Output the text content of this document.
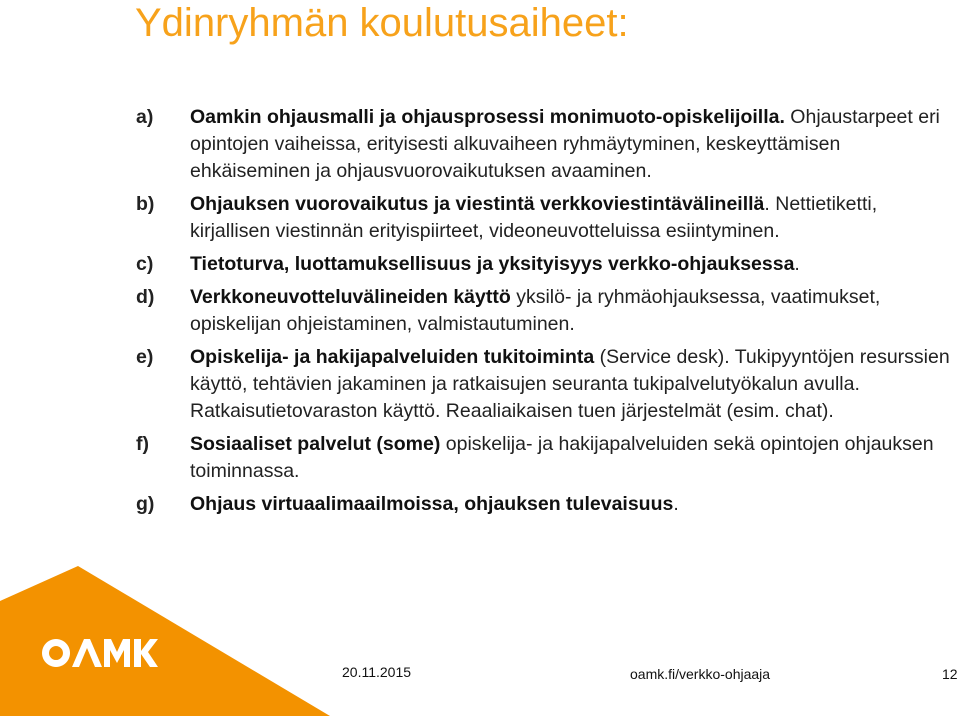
Ydinryhmän koulutusaiheet:
a) Oamkin ohjausmalli ja ohjausprosessi monimuoto-opiskelijoilla. Ohjaustarpeet eri opintojen vaiheissa, erityisesti alkuvaiheen ryhmäytyminen, keskeyttämisen ehkäiseminen ja ohjausvuorovaikutuksen avaaminen.
b) Ohjauksen vuorovaikutus ja viestintä verkkoviestintävälineillä. Nettietiketti, kirjallisen viestinnän erityispiirteet, videoneuvotteluissa esiintyminen.
c) Tietoturva, luottamuksellisuus ja yksityisyys verkko-ohjauksessa.
d) Verkkoneuvotteluvälineiden käyttö yksilö- ja ryhmäohjauksessa, vaatimukset, opiskelijan ohjeistaminen, valmistautuminen.
e) Opiskelija- ja hakijapalveluiden tukitoiminta (Service desk). Tukipyyntöjen resurssien käyttö, tehtävien jakaminen ja ratkaisujen seuranta tukipalvelutyökalun avulla. Ratkaisutietovaraston käyttö. Reaaliaikaisen tuen järjestelmät (esim. chat).
f) Sosiaaliset palvelut (some) opiskelija- ja hakijapalveluiden sekä opintojen ohjauksen toiminnassa.
g) Ohjaus virtuaalimaailmoissa, ohjauksen tulevaisuus.
20.11.2015	oamk.fi/verkko-ohjaaja	12
